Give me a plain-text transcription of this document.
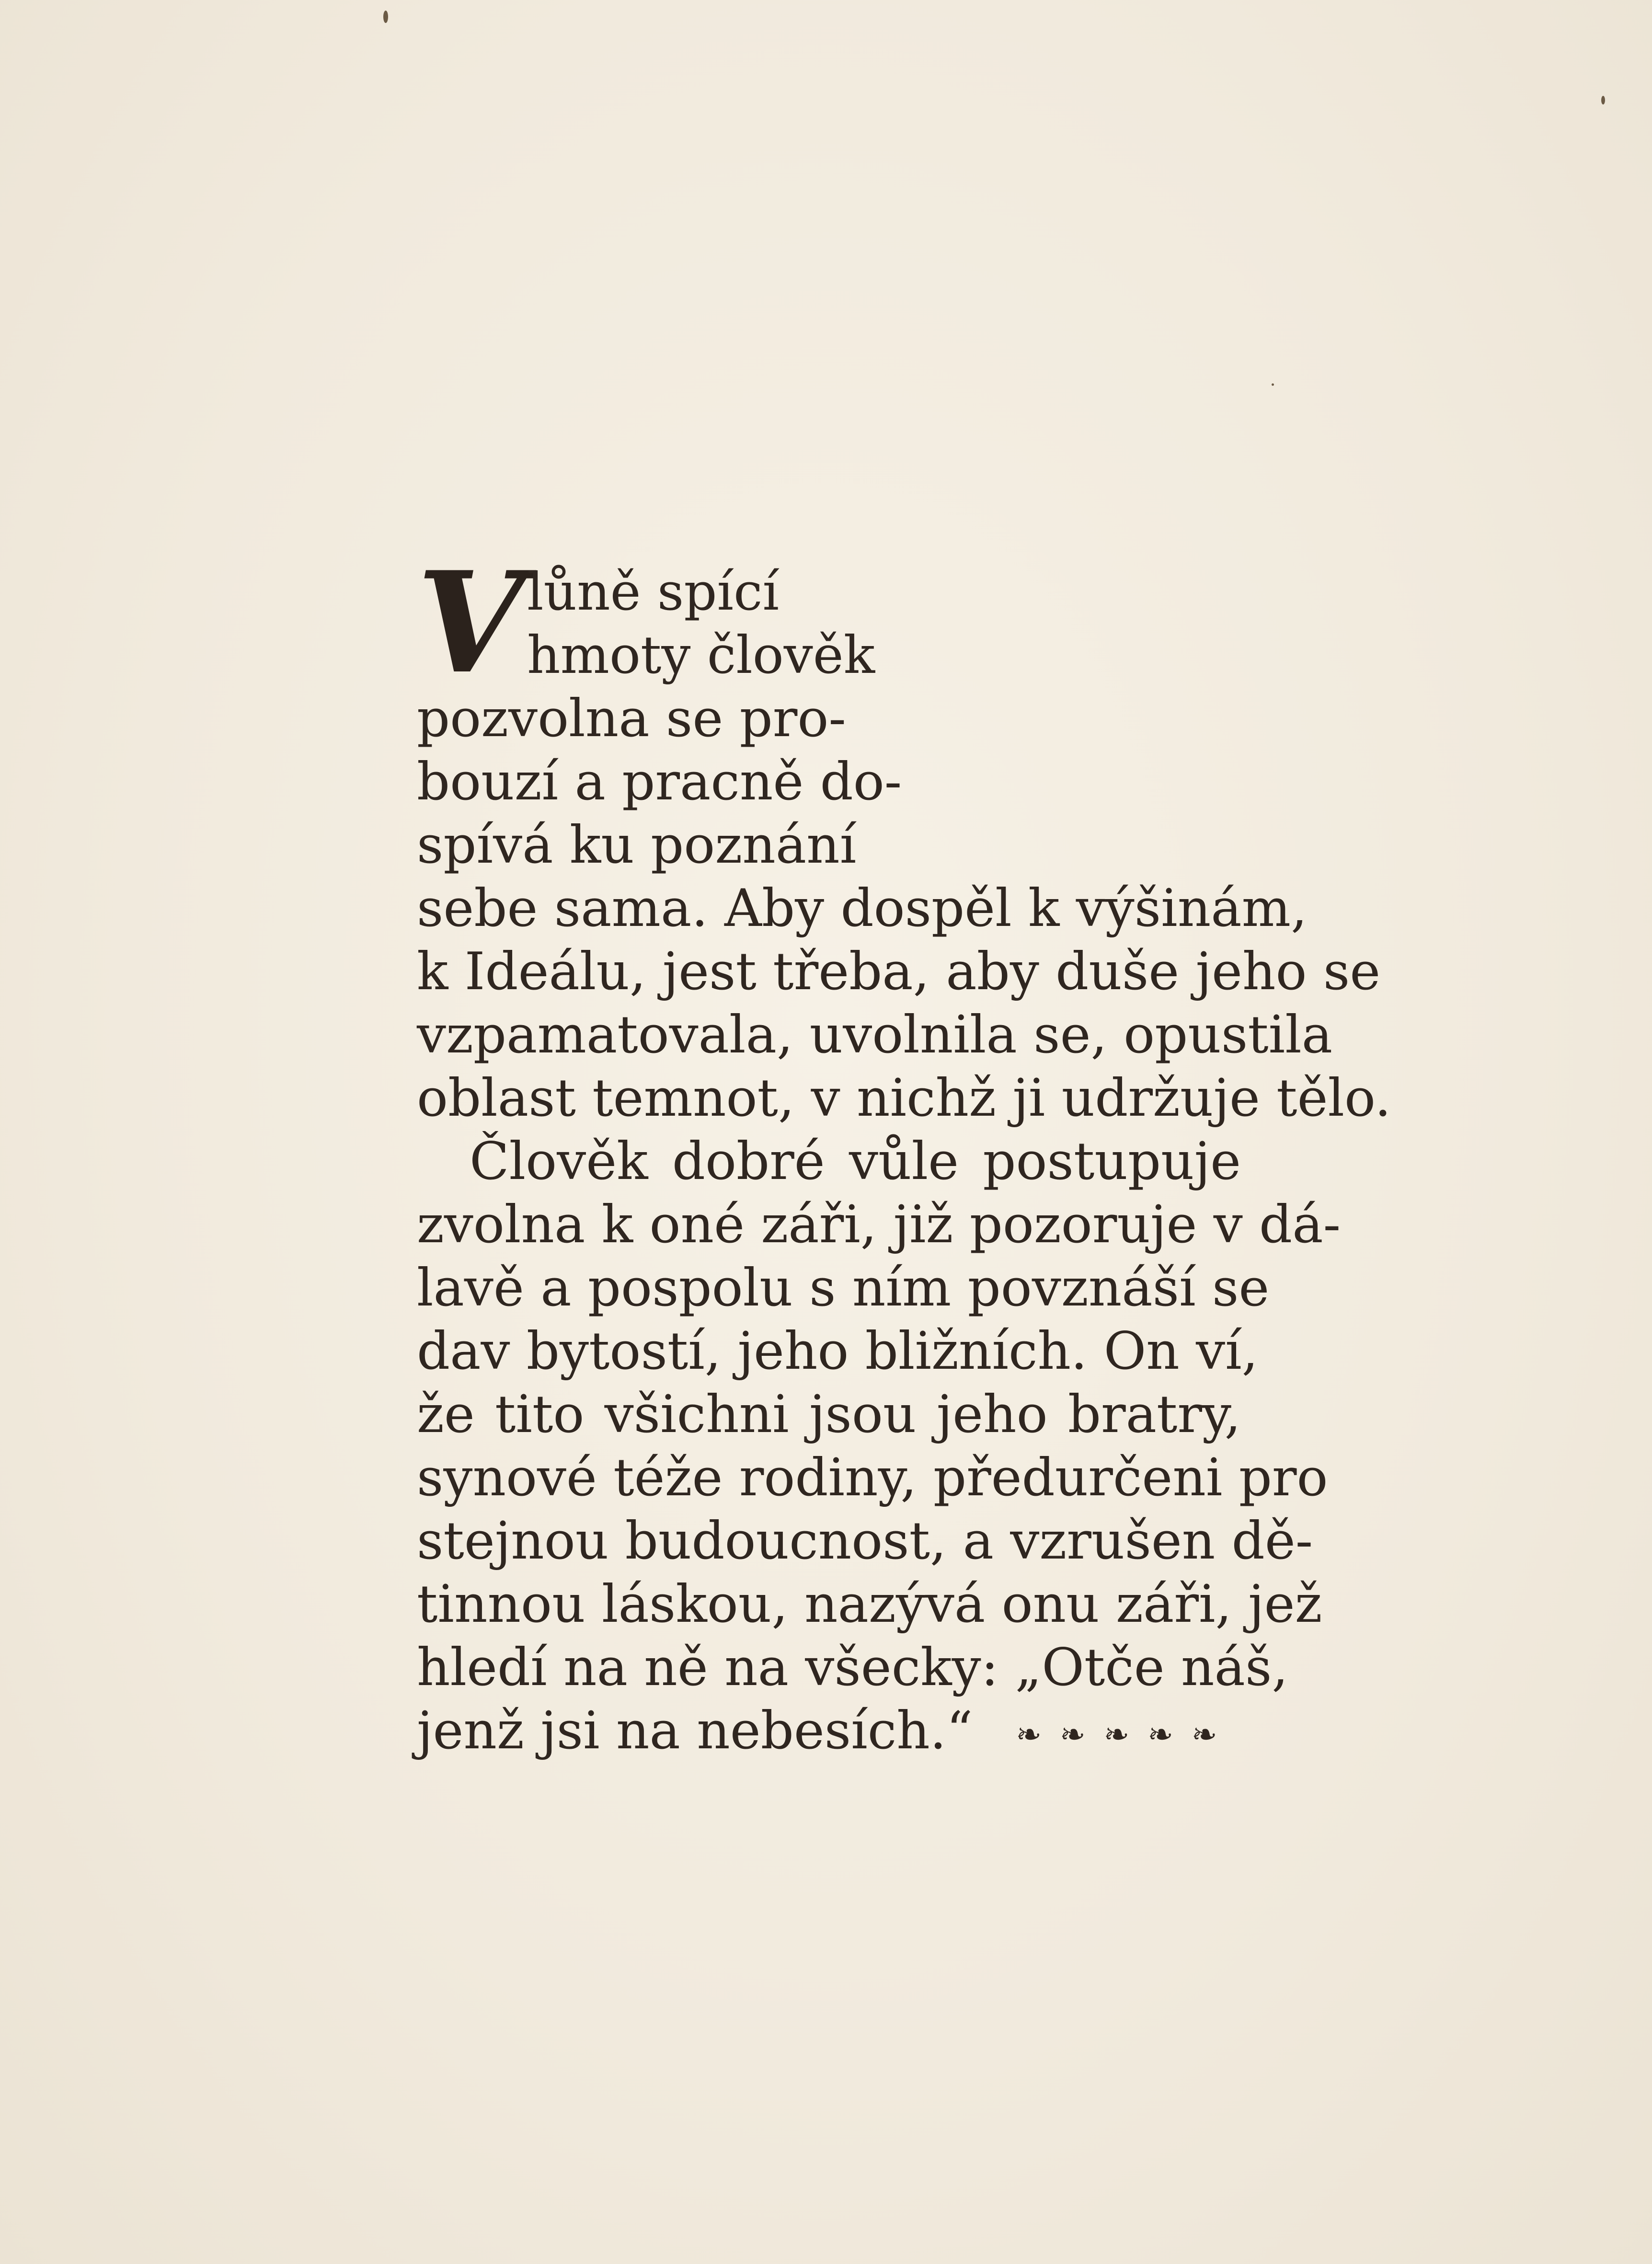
V lůně spící
hmoty člověk
pozvolna se pro-
bouzí a pracně do-
spívá ku poznání
sebe sama. Aby dospěl k výšinám,
k Ideálu, jest třeba, aby duše jeho se
vzpamatovala, uvolnila se, opustila
oblast temnot, v nichž ji udržuje tělo.
Člověk dobré vůle postupuje
zvolna k oné záři, již pozoruje v dá-
lavě a pospolu s ním povznáší se
dav bytostí, jeho bližních. On ví,
že tito všichni jsou jeho bratry,
synové téže rodiny, předurčeni pro
stejnou budoucnost, a vzrušen dě-
tinnou láskou, nazývá onu záři, jež
hledí na ně na všecky: „Otče náš,
jenž jsi na nebesích.“ ❧❧❧❧❧
